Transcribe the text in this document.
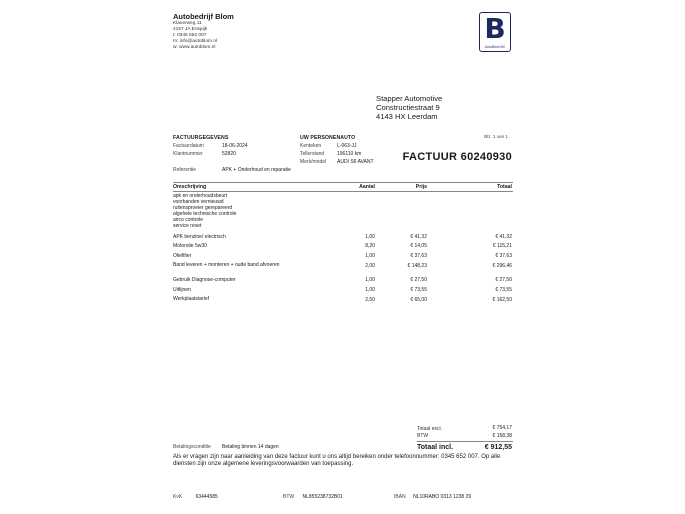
Autobedrijf Blom
Klaverweg 11
4157 JA Enspijk
t: 0345 652 007
m: info@autoblom.nl
w: www.autoblom.nl
B
AutoBlom BV
Stapper Automotive
Constructiestraat 9
4143 HX Leerdam
Blz. 1 van 1
FACTUURGEGEVENS
Factuurdatum	18-06-2024
Klantnummer	52820
Referentie	APK + Onderhoud en reparatie
UW PERSONENAUTO
Kenteken	L-063-JJ
Tellerstand	196110 km
Merk/model AUDI S6 AVANT	FACTUUR 60240930
Omschrijving	Aantal	Prijs	Totaal
apk en onderhoudsbeurt
voorbanden vernieuwd
ruitensproeier gerepareerd
algehele technische controle
airco controle
service reset
APK benzine/ electrisch	1,00	€ 41,32	€ 41,32
Motorolie 5w30	8,20	€ 14,05	€ 115,21
Oliefilter	1,00	€ 37,63	€ 37,63
Band leveren + monteren + oude band afvoeren	2,00	€ 148,23	€ 296,46
Gebruik Diagnose-computer	1,00	€ 27,50	€ 27,50
Uitlijnen	1,00	€ 73,55	€ 73,55
Werkplaatstarief	2,50	€ 65,00	€ 162,50
Totaal excl.	€ 754,17
BTW	€ 158,38
Totaal incl.	€ 912,55
Betalingsconditie Betaling binnen 14 dagen
Als er vragen zijn naar aanleiding van deze factuur kunt u ons altijd bereiken onder telefoonnummer: 0345 652 007. Op alle diensten zijn onze algemene leveringsvoorwaarden van toepassing.
KvK	63444585	BTW NL855238732B01	IBAN NL10RABO 0313 1238 29
